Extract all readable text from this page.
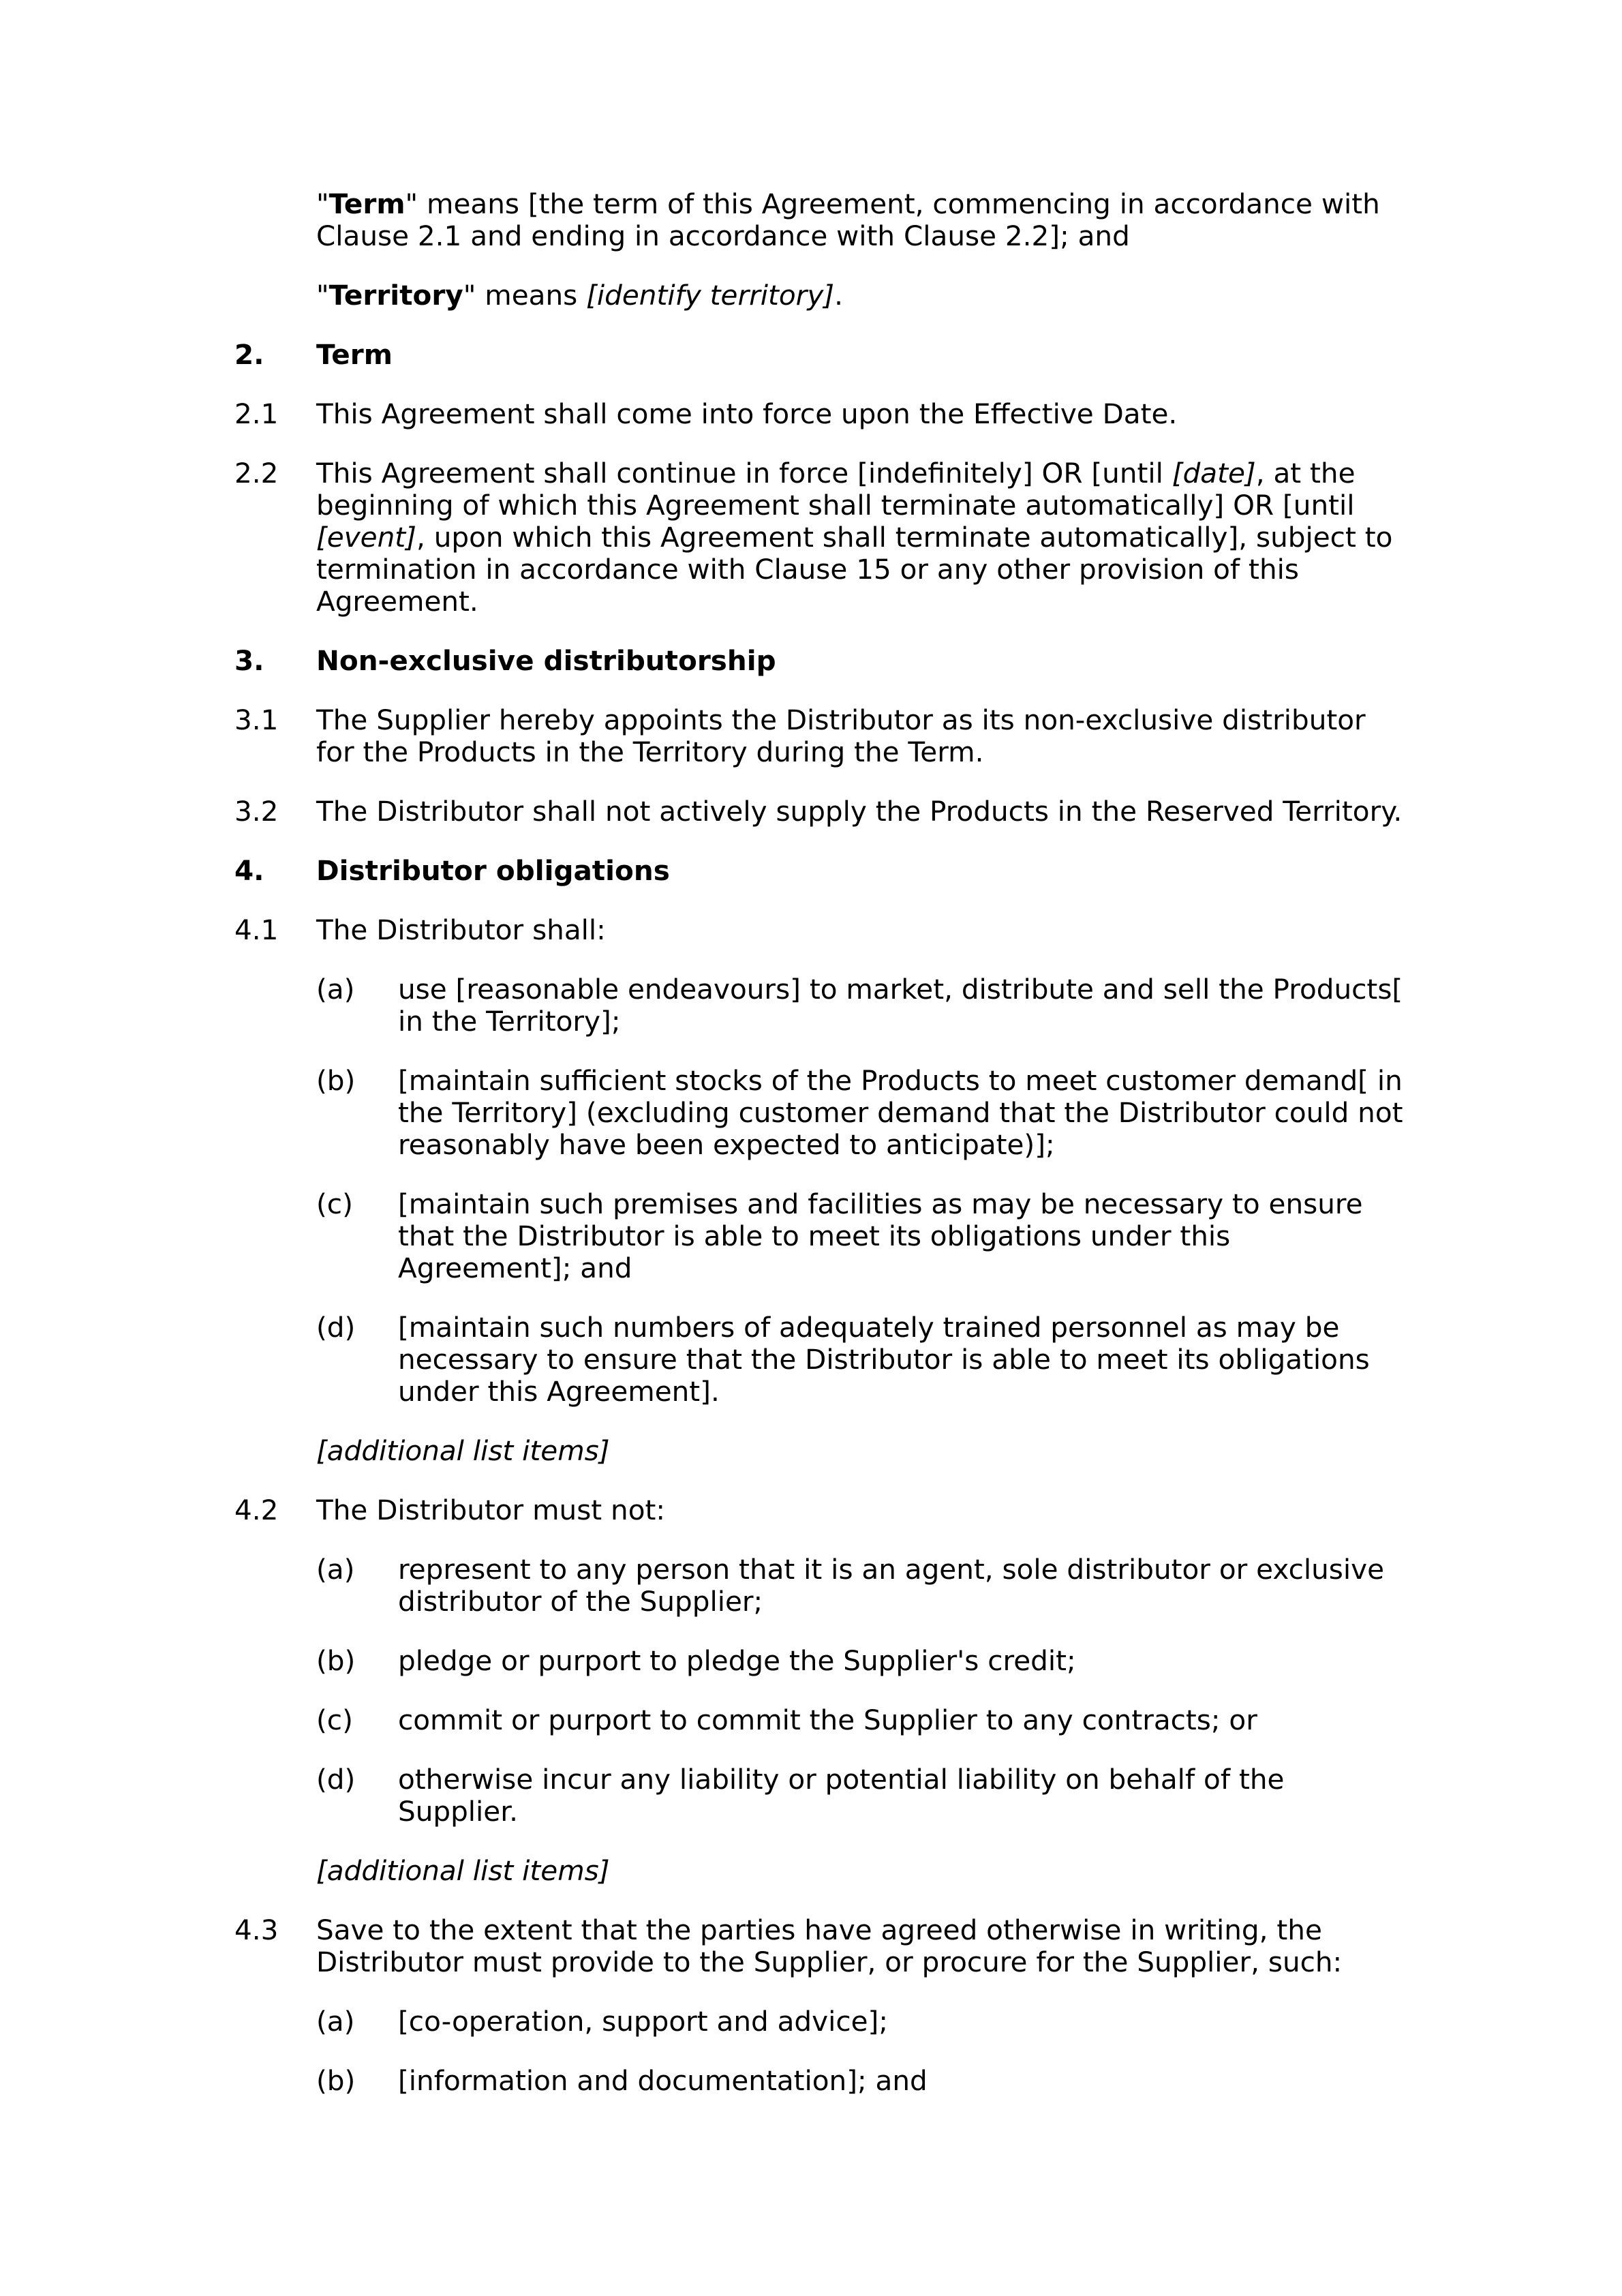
"Term" means [the term of this Agreement, commencing in accordance with Clause 2.1 and ending in accordance with Clause 2.2]; and

"Territory" means [identify territory].

2.	Term
2.1	This Agreement shall come into force upon the Effective Date.
2.2	This Agreement shall continue in force [indefinitely] OR [until [date], at the beginning of which this Agreement shall terminate automatically] OR [until [event], upon which this Agreement shall terminate automatically], subject to termination in accordance with Clause 15 or any other provision of this Agreement.
3.	Non-exclusive distributorship
3.1	The Supplier hereby appoints the Distributor as its non-exclusive distributor for the Products in the Territory during the Term.
3.2	The Distributor shall not actively supply the Products in the Reserved Territory.
4.	Distributor obligations
4.1	The Distributor shall:
(a)	use [reasonable endeavours] to market, distribute and sell the Products[ in the Territory];
(b)	[maintain sufficient stocks of the Products to meet customer demand[ in the Territory] (excluding customer demand that the Distributor could not reasonably have been expected to anticipate)];
(c)	[maintain such premises and facilities as may be necessary to ensure that the Distributor is able to meet its obligations under this Agreement]; and
(d)	[maintain such numbers of adequately trained personnel as may be necessary to ensure that the Distributor is able to meet its obligations under this Agreement].

[additional list items]

4.2	The Distributor must not:
(a)	represent to any person that it is an agent, sole distributor or exclusive distributor of the Supplier;
(b)	pledge or purport to pledge the Supplier's credit;
(c)	commit or purport to commit the Supplier to any contracts; or
(d)	otherwise incur any liability or potential liability on behalf of the Supplier.

[additional list items]

4.3	Save to the extent that the parties have agreed otherwise in writing, the Distributor must provide to the Supplier, or procure for the Supplier, such:
(a)	[co-operation, support and advice];
(b)	[information and documentation]; and
